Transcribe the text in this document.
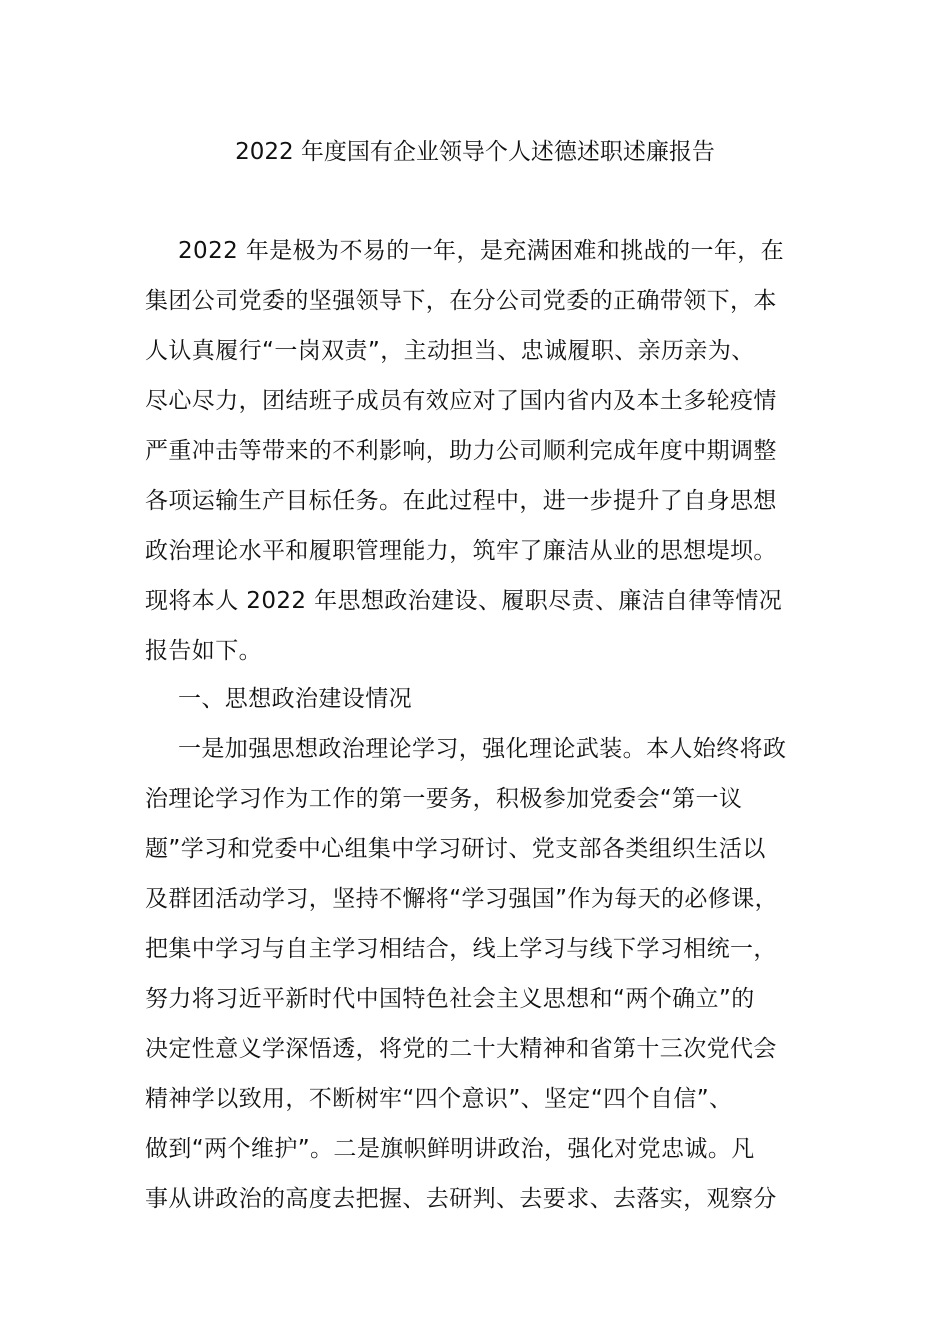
2022 年度国有企业领导个人述德述职述廉报告
2022 年是极为不易的一年，是充满困难和挑战的一年，在
集团公司党委的坚强领导下，在分公司党委的正确带领下，本
人认真履行“一岗双责”，主动担当、忠诚履职、亲历亲为、
尽心尽力，团结班子成员有效应对了国内省内及本土多轮疫情
严重冲击等带来的不利影响，助力公司顺利完成年度中期调整
各项运输生产目标任务。在此过程中，进一步提升了自身思想
政治理论水平和履职管理能力，筑牢了廉洁从业的思想堤坝。
现将本人 2022 年思想政治建设、履职尽责、廉洁自律等情况
报告如下。
一、思想政治建设情况
一是加强思想政治理论学习，强化理论武装。本人始终将政
治理论学习作为工作的第一要务，积极参加党委会“第一议
题”学习和党委中心组集中学习研讨、党支部各类组织生活以
及群团活动学习，坚持不懈将“学习强国”作为每天的必修课，
把集中学习与自主学习相结合，线上学习与线下学习相统一，
努力将习近平新时代中国特色社会主义思想和“两个确立”的
决定性意义学深悟透，将党的二十大精神和省第十三次党代会
精神学以致用，不断树牢“四个意识”、坚定“四个自信”、
做到“两个维护”。二是旗帜鲜明讲政治，强化对党忠诚。凡
事从讲政治的高度去把握、去研判、去要求、去落实，观察分
